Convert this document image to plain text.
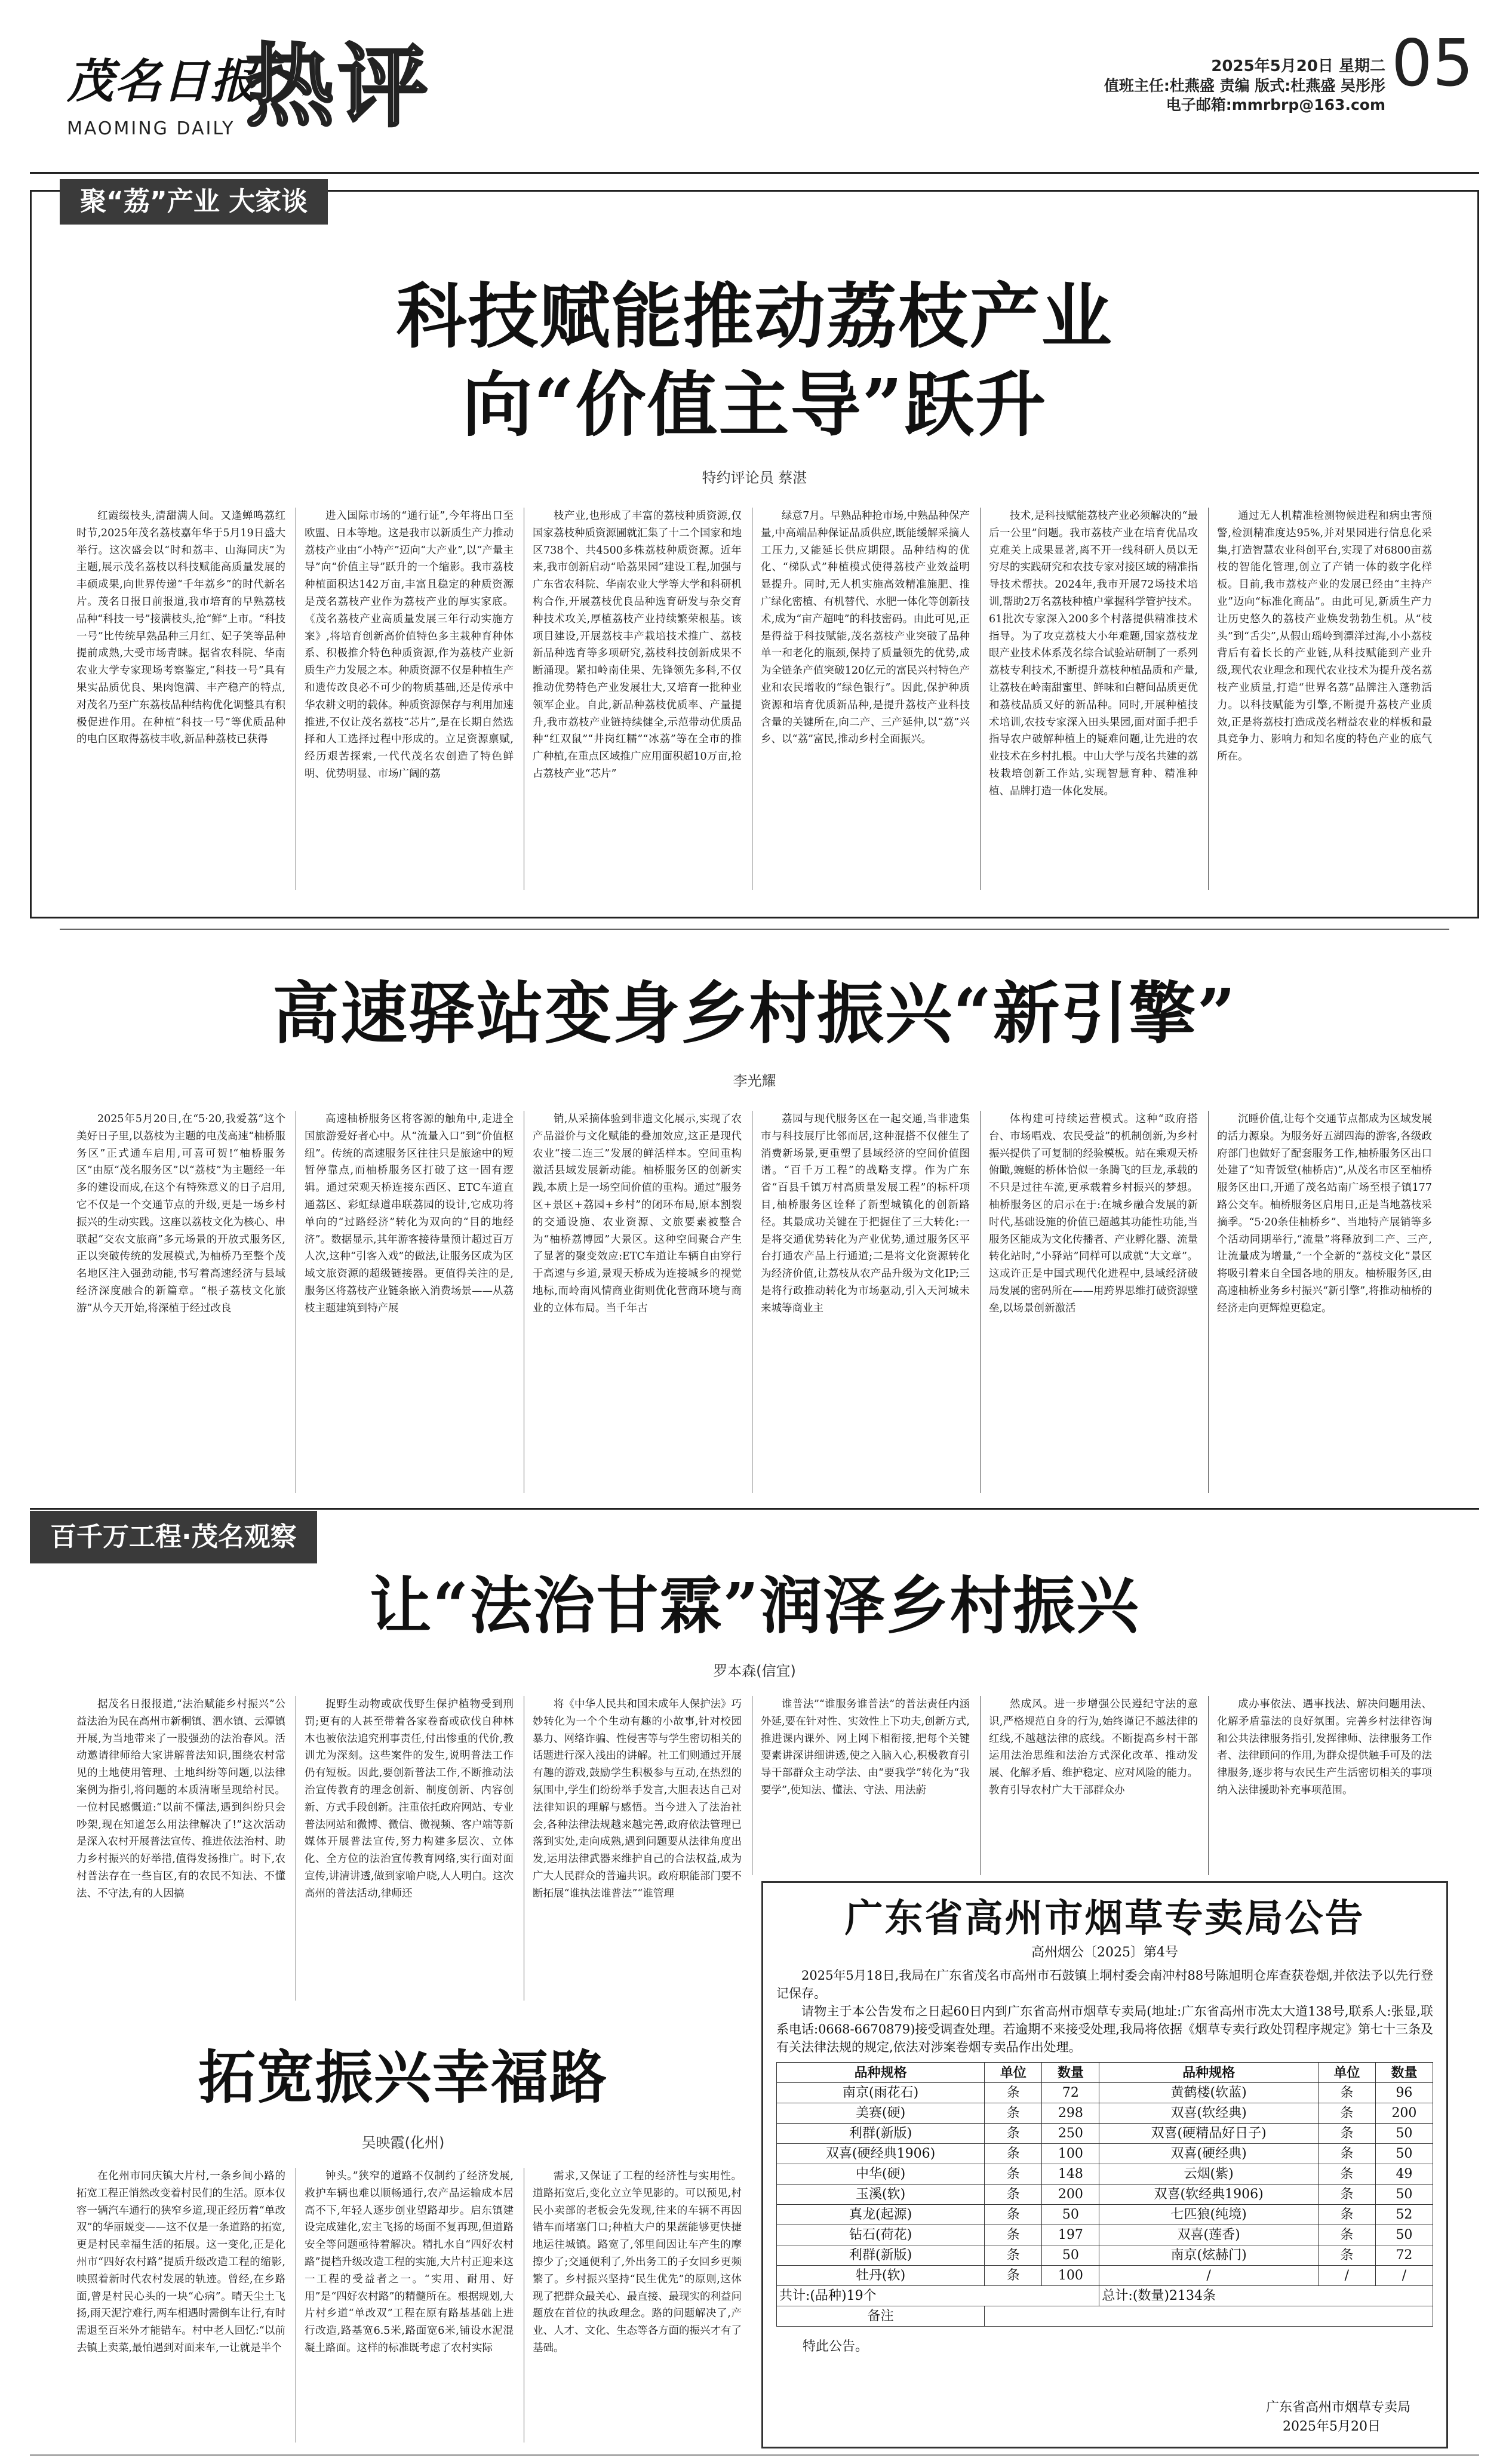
茂名日报
MAOMING DAILY 热评	2025年5月20日 星期二
值班主任:杜燕盛 责编 版式:杜燕盛 吴彤彤
电子邮箱:mmrbrp@163.com
05
聚“荔”产业 大家谈
科技赋能推动荔枝产业
向“价值主导”跃升
特约评论员 蔡湛
红霞缀枝头,清甜满人间。又逢蝉鸣荔红时节,2025年茂名荔枝嘉年华于5月19日盛大举行。这次盛会以“时和荔丰、山海同庆”为主题,展示茂名荔枝以科技赋能高质量发展的丰硕成果,向世界传递“千年荔乡”的时代新名片。茂名日报日前报道,我市培育的早熟荔枝品种“科技一号”接满枝头,抢“鲜”上市。“科技一号”比传统早熟品种三月红、妃子笑等品种提前成熟,大受市场青睐。据省农科院、华南农业大学专家现场考察鉴定,“科技一号”具有果实品质优良、果肉饱满、丰产稳产的特点,对茂名乃至广东荔枝品种结构优化调整具有积极促进作用。在种植“科技一号”等优质品种的电白区取得荔枝丰收,新品种荔枝已获得
进入国际市场的“通行证”,今年将出口至欧盟、日本等地。这是我市以新质生产力推动荔枝产业由“小特产”迈向“大产业”,以“产量主导”向“价值主导”跃升的一个缩影。我市荔枝种植面积达142万亩,丰富且稳定的种质资源是茂名荔枝产业作为荔枝产业的厚实家底。《茂名荔枝产业高质量发展三年行动实施方案》,将培育创新高价值特色多主栽种育种体系、积极推介特色种质资源,作为荔枝产业新质生产力发展之本。种质资源不仅是种植生产和遗传改良必不可少的物质基础,还是传承中华农耕文明的载体。种质资源保存与利用加速推进,不仅让茂名荔枝“芯片”,是在长期自然选择和人工选择过程中形成的。立足资源禀赋,经历艰苦探索,一代代茂名农创造了特色鲜明、优势明显、市场广阔的荔
枝产业,也形成了丰富的荔枝种质资源,仅国家荔枝种质资源圃就汇集了十二个国家和地区738个、共4500多株荔枝种质资源。近年来,我市创新启动“哈荔果园”建设工程,加强与广东省农科院、华南农业大学等大学和科研机构合作,开展荔枝优良品种选育研发与杂交育种技术攻关,厚植荔枝产业持续繁荣根基。该项目建设,开展荔枝丰产栽培技术推广、荔枝新品种选育等多项研究,荔枝科技创新成果不断涌现。紧扣岭南佳果、先锋领先多科,不仅推动优势特色产业发展壮大,又培育一批种业领军企业。自此,新品种荔枝优质率、产量提升,我市荔枝产业链持续健全,示范带动优质品种“红双鼠”“井岗红糯”“冰荔”等在全市的推广种植,在重点区域推广应用面积超10万亩,抢占荔枝产业“芯片”
绿意7月。早熟品种抢市场,中熟品种保产量,中高端品种保证品质供应,既能缓解采摘人工压力,又能延长供应期限。品种结构的优化、“梯队式”种植模式使得荔枝产业效益明显提升。同时,无人机实施高效精准施肥、推广绿化密植、有机替代、水肥一体化等创新技术,成为“亩产超吨”的科技密码。由此可见,正是得益于科技赋能,茂名荔枝产业突破了品种单一和老化的瓶颈,保持了质量领先的优势,成为全链条产值突破120亿元的富民兴村特色产业和农民增收的“绿色银行”。因此,保护种质资源和培育优质新品种,是提升荔枝产业科技含量的关键所在,向二产、三产延伸,以“荔”兴乡、以“荔”富民,推动乡村全面振兴。
技术,是科技赋能荔枝产业必须解决的“最后一公里”问题。我市荔枝产业在培育优品攻克难关上成果显著,离不开一线科研人员以无穷尽的实践研究和农技专家对接区域的精准指导技术帮扶。2024年,我市开展72场技术培训,帮助2万名荔枝种植户掌握科学管护技术。61批次专家深入200多个村落提供精准技术指导。为了攻克荔枝大小年难题,国家荔枝龙眼产业技术体系茂名综合试验站研制了一系列荔枝专利技术,不断提升荔枝种植品质和产量,让荔枝在岭南甜蜜里、鲜味和白糖间品质更优和荔枝品质又好的新品种。同时,开展种植技术培训,农技专家深入田头果园,面对面手把手指导农户破解种植上的疑难问题,让先进的农业技术在乡村扎根。中山大学与茂名共建的荔枝栽培创新工作站,实现智慧育种、精准种植、品牌打造一体化发展。
通过无人机精准检测物候进程和病虫害预警,检测精准度达95%,并对果园进行信息化采集,打造智慧农业科创平台,实现了对6800亩荔枝的智能化管理,创立了产销一体的数字化样板。目前,我市荔枝产业的发展已经由“主持产业”迈向“标准化商品”。由此可见,新质生产力让历史悠久的荔枝产业焕发勃勃生机。从“枝头”到“舌尖”,从假山瑶岭到漂洋过海,小小荔枝背后有着长长的产业链,从科技赋能到产业升级,现代农业理念和现代农业技术为提升茂名荔枝产业质量,打造“世界名荔”品牌注入蓬勃活力。以科技赋能为引擎,不断提升荔枝产业质效,正是将荔枝打造成茂名精益农业的样板和最具竞争力、影响力和知名度的特色产业的底气所在。
高速驿站变身乡村振兴“新引擎”
李光耀
2025年5月20日,在“5·20,我爱荔”这个美好日子里,以荔枝为主题的电茂高速“柚桥服务区”正式通车启用,可喜可贺!“柚桥服务区”由原“茂名服务区”以“荔枝”为主题经一年多的建设而成,在这个有特殊意义的日子启用,它不仅是一个交通节点的升级,更是一场乡村振兴的生动实践。这座以荔枝文化为核心、串联起“交农文旅商”多元场景的开放式服务区,正以突破传统的发展模式,为柚桥乃至整个茂名地区注入强劲动能,书写着高速经济与县域经济深度融合的新篇章。“根子荔枝文化旅游”从今天开始,将深植于经过改良
高速柚桥服务区将客源的触角中,走进全国旅游爱好者心中。从“流量入口”到“价值枢纽”。传统的高速服务区往往只是旅途中的短暂停靠点,而柚桥服务区打破了这一固有逻辑。通过荣观天桥连接东西区、ETC车道直通荔区、彩虹绿道串联荔园的设计,它成功将单向的“过路经济”转化为双向的“目的地经济”。数据显示,其年游客接待量预计超过百万人次,这种“引客入戏”的做法,让服务区成为区域文旅资源的超级链接器。更值得关注的是,服务区将荔枝产业链条嵌入消费场景——从荔枝主题建筑到特产展
销,从采摘体验到非遗文化展示,实现了农产品溢价与文化赋能的叠加效应,这正是现代农业“接二连三”发展的鲜活样本。空间重构激活县域发展新动能。柚桥服务区的创新实践,本质上是一场空间价值的重构。通过“服务区+景区+荔园+乡村”的闭环布局,原本割裂的交通设施、农业资源、文旅要素被整合为“柚桥荔博园”大景区。这种空间聚合产生了显著的聚变效应:ETC车道让车辆自由穿行于高速与乡道,景观天桥成为连接城乡的视觉地标,而岭南风情商业街则优化营商环境与商业的立体布局。当千年古
荔园与现代服务区在一起交通,当非遗集市与科技展厅比邻而居,这种混搭不仅催生了消费新场景,更重塑了县域经济的空间价值图谱。“百千万工程”的战略支撑。作为广东省“百县千镇万村高质量发展工程”的标杆项目,柚桥服务区诠释了新型城镇化的创新路径。其最成功关键在于把握住了三大转化:一是将交通优势转化为产业优势,通过服务区平台打通农产品上行通道;二是将文化资源转化为经济价值,让荔枝从农产品升级为文化IP;三是将行政推动转化为市场驱动,引入天河城未来城等商业主
体构建可持续运营模式。这种“政府搭台、市场唱戏、农民受益”的机制创新,为乡村振兴提供了可复制的经验模板。站在乘观天桥俯瞰,蜿蜒的桥体恰似一条腾飞的巨龙,承载的不只是过往车流,更承载着乡村振兴的梦想。柚桥服务区的启示在于:在城乡融合发展的新时代,基础设施的价值已超越其功能性功能,当服务区能成为文化传播者、产业孵化器、流量转化站时,“小驿站”同样可以成就“大文章”。这或许正是中国式现代化进程中,县域经济破局发展的密码所在——用跨界思维打破资源壁垒,以场景创新激活
沉睡价值,让每个交通节点都成为区域发展的活力源泉。为服务好五湖四海的游客,各级政府部门也做好了配套服务工作,柚桥服务区出口处建了“知青饭堂(柚桥店)”,从茂名市区至柚桥服务区出口,开通了茂名站南广场至根子镇177路公交车。柚桥服务区启用日,正是当地荔枝采摘季。“5·20条佳柚桥乡”、当地特产展销等多个活动同期举行,“流量”将释放到二产、三产,让流量成为增量,“一个全新的“荔枝文化”景区将吸引着来自全国各地的朋友。柚桥服务区,由高速柚桥业务乡村振兴“新引擎”,将推动柚桥的经济走向更辉煌更稳定。
百千万工程·茂名观察
让“法治甘霖”润泽乡村振兴
罗本森(信宜)
据茂名日报报道,“法治赋能乡村振兴”公益法治为民在高州市新桐镇、泗水镇、云潭镇开展,为当地带来了一股强劲的法治春风。活动邀请律师给大家讲解普法知识,围绕农村常见的土地使用管理、土地纠纷等问题,以法律案例为指引,将问题的本质清晰呈现给村民。一位村民感慨道:“以前不懂法,遇到纠纷只会吵架,现在知道怎么用法律解决了!”这次活动是深入农村开展普法宣传、推进依法治村、助力乡村振兴的好举措,值得发扬推广。时下,农村普法存在一些盲区,有的农民不知法、不懂法、不守法,有的人因搞
捉野生动物或砍伐野生保护植物受到刑罚;更有的人甚至带着各家卷畜或砍伐自种林木也被依法追究刑事责任,付出惨重的代价,教训尤为深刻。这些案件的发生,说明普法工作仍有短板。因此,要创新普法工作,不断推动法治宣传教育的理念创新、制度创新、内容创新、方式手段创新。注重依托政府网站、专业普法网站和微博、微信、微视频、客户端等新媒体开展普法宣传,努力构建多层次、立体化、全方位的法治宣传教育网络,实行面对面宣传,讲清讲透,做到家喻户晓,人人明白。这次高州的普法活动,律师还
将《中华人民共和国未成年人保护法》巧妙转化为一个个生动有趣的小故事,针对校园暴力、网络诈骗、性侵害等与学生密切相关的话题进行深入浅出的讲解。社工们则通过开展有趣的游戏,鼓励学生积极参与互动,在热烈的氛围中,学生们纷纷举手发言,大胆表达自己对法律知识的理解与感悟。当今进入了法治社会,各种法律法规越来越完善,政府依法管理已落到实处,走向成熟,遇到问题要从法律角度出发,运用法律武器来维护自己的合法权益,成为广大人民群众的普遍共识。政府职能部门要不断拓展“谁执法谁普法”“谁管理
谁普法”“谁服务谁普法”的普法责任内涵外延,要在针对性、实效性上下功夫,创新方式,推进课内课外、网上网下相衔接,把每个关键要素讲深讲细讲透,使之入脑入心,积极教育引导干部群众主动学法、由“要我学”转化为“我要学”,使知法、懂法、守法、用法蔚
然成风。进一步增强公民遵纪守法的意识,严格规范自身的行为,始终谨记不越法律的红线,不越越法律的底线。不断提高乡村干部运用法治思维和法治方式深化改革、推动发展、化解矛盾、维护稳定、应对风险的能力。教育引导农村广大干部群众办
成办事依法、遇事找法、解决问题用法、化解矛盾靠法的良好氛围。完善乡村法律咨询和公共法律服务指引,发挥律师、法律服务工作者、法律顾问的作用,为群众提供触手可及的法律服务,逐步将与农民生产生活密切相关的事项纳入法律援助补充事项范围。
拓宽振兴幸福路
吴映霞(化州)
在化州市同庆镇大片村,一条乡间小路的拓宽工程正悄然改变着村民们的生活。原本仅容一辆汽车通行的狭窄乡道,现正经历着“单改双”的华丽蜕变——这不仅是一条道路的拓宽,更是村民幸福生活的拓展。这一变化,正是化州市“四好农村路”提质升级改造工程的缩影,映照着新时代农村发展的轨迹。曾经,在乡路面,曾是村民心头的一块“心病”。晴天尘土飞扬,雨天泥泞难行,两车相遇时需倒车让行,有时需退至百米外才能错车。村中老人回忆:“以前去镇上卖菜,最怕遇到对面来车,一让就是半个
钟头。”狭窄的道路不仅制约了经济发展,救护车辆也难以顺畅通行,农产品运输成本居高不下,年轻人逐步创业望路却步。启东镇建设完成建化,宏主飞扬的场面不复再现,但道路安全等问题亟待着解决。精扎水自“四好农村路”提档升级改造工程的实施,大片村正迎来这一工程的受益者之一。“实用、耐用、好用”是“四好农村路”的精髓所在。根据规划,大片村乡道“单改双”工程在原有路基基础上进行改造,路基宽6.5米,路面宽6米,铺设水泥混凝土路面。这样的标准既考虑了农村实际
需求,又保证了工程的经济性与实用性。道路拓宽后,变化立立竿见影的。可以预见,村民小卖部的老板会先发现,往来的车辆不再因错车而堵塞门口;种植大户的果蔬能够更快捷地运往城镇。路宽了,邻里间因让车产生的摩擦少了;交通便利了,外出务工的子女回乡更频繁了。乡村振兴坚持“民生优先”的原则,这体现了把群众最关心、最直接、最现实的利益问题放在首位的执政理念。路的问题解决了,产业、人才、文化、生态等各方面的振兴才有了基础。
广东省高州市烟草专卖局公告
高州烟公〔2025〕第4号
2025年5月18日,我局在广东省茂名市高州市石鼓镇上垌村委会南冲村88号陈旭明仓库查获卷烟,并依法予以先行登记保存。
请物主于本公告发布之日起60日内到广东省高州市烟草专卖局(地址:广东省高州市冼太大道138号,联系人:张显,联系电话:0668-6670879)接受调查处理。若逾期不来接受处理,我局将依据《烟草专卖行政处罚程序规定》第七十三条及有关法律法规的规定,依法对涉案卷烟专卖品作出处理。
品种规格	单位	数量	品种规格	单位	数量
南京(雨花石)	条	72	黄鹤楼(软蓝)	条	96
美赛(硬)	条	298	双喜(软经典)	条	200
利群(新版)	条	250	双喜(硬精品好日子)	条	50
双喜(硬经典1906)	条	100	双喜(硬经典)	条	50
中华(硬)	条	148	云烟(紫)	条	49
玉溪(软)	条	200	双喜(软经典1906)	条	50
真龙(起源)	条	50	七匹狼(纯境)	条	52
钻石(荷花)	条	197	双喜(莲香)	条	50
利群(新版)	条	50	南京(炫赫门)	条	72
牡丹(软)	条	100	/	/	/
共计:(品种)19个			总计:(数量)2134条		
备注					
特此公告。
广东省高州市烟草专卖局
2025年5月20日
